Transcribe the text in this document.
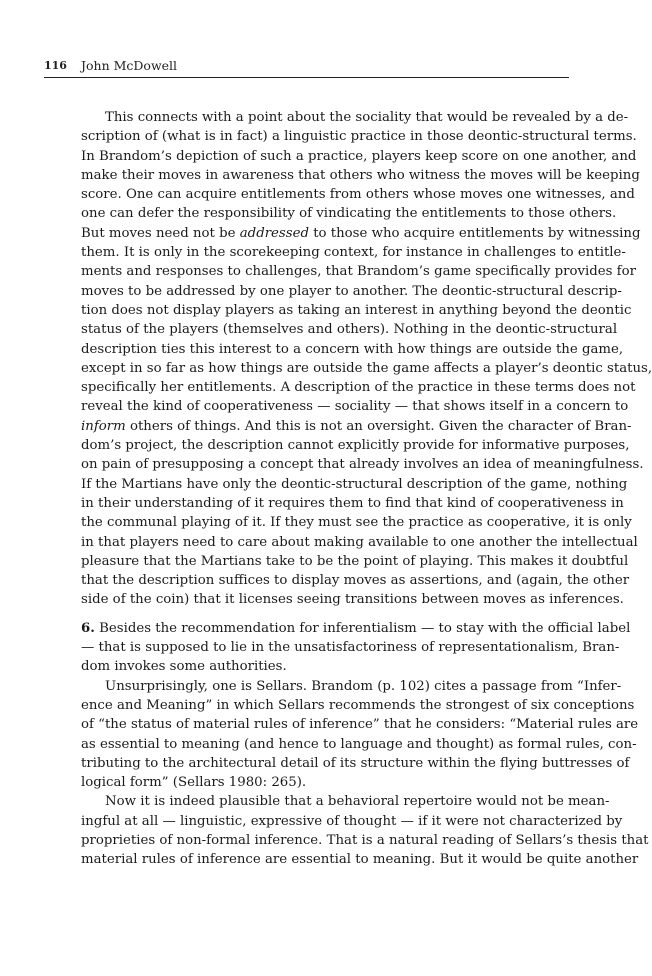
116 John McDowell
This connects with a point about the sociality that would be revealed by a de-
scription of (what is in fact) a linguistic practice in those deontic-structural terms.
In Brandom’s depiction of such a practice, players keep score on one another, and
make their moves in awareness that others who witness the moves will be keeping
score. One can acquire entitlements from others whose moves one witnesses, and
one can defer the responsibility of vindicating the entitlements to those others.
But moves need not be addressed to those who acquire entitlements by witnessing
them. It is only in the scorekeeping context, for instance in challenges to entitle-
ments and responses to challenges, that Brandom’s game specifically provides for
moves to be addressed by one player to another. The deontic-structural descrip-
tion does not display players as taking an interest in anything beyond the deontic
status of the players (themselves and others). Nothing in the deontic-structural
description ties this interest to a concern with how things are outside the game,
except in so far as how things are outside the game affects a player’s deontic status,
specifically her entitlements. A description of the practice in these terms does not
reveal the kind of cooperativeness — sociality — that shows itself in a concern to
inform others of things. And this is not an oversight. Given the character of Bran-
dom’s project, the description cannot explicitly provide for informative purposes,
on pain of presupposing a concept that already involves an idea of meaningfulness.
If the Martians have only the deontic-structural description of the game, nothing
in their understanding of it requires them to find that kind of cooperativeness in
the communal playing of it. If they must see the practice as cooperative, it is only
in that players need to care about making available to one another the intellectual
pleasure that the Martians take to be the point of playing. This makes it doubtful
that the description suffices to display moves as assertions, and (again, the other
side of the coin) that it licenses seeing transitions between moves as inferences.
6. Besides the recommendation for inferentialism — to stay with the official label
— that is supposed to lie in the unsatisfactoriness of representationalism, Bran-
dom invokes some authorities.
Unsurprisingly, one is Sellars. Brandom (p. 102) cites a passage from “Infer-
ence and Meaning” in which Sellars recommends the strongest of six conceptions
of “the status of material rules of inference” that he considers: “Material rules are
as essential to meaning (and hence to language and thought) as formal rules, con-
tributing to the architectural detail of its structure within the flying buttresses of
logical form” (Sellars 1980: 265).
Now it is indeed plausible that a behavioral repertoire would not be mean-
ingful at all — linguistic, expressive of thought — if it were not characterized by
proprieties of non-formal inference. That is a natural reading of Sellars’s thesis that
material rules of inference are essential to meaning. But it would be quite another
